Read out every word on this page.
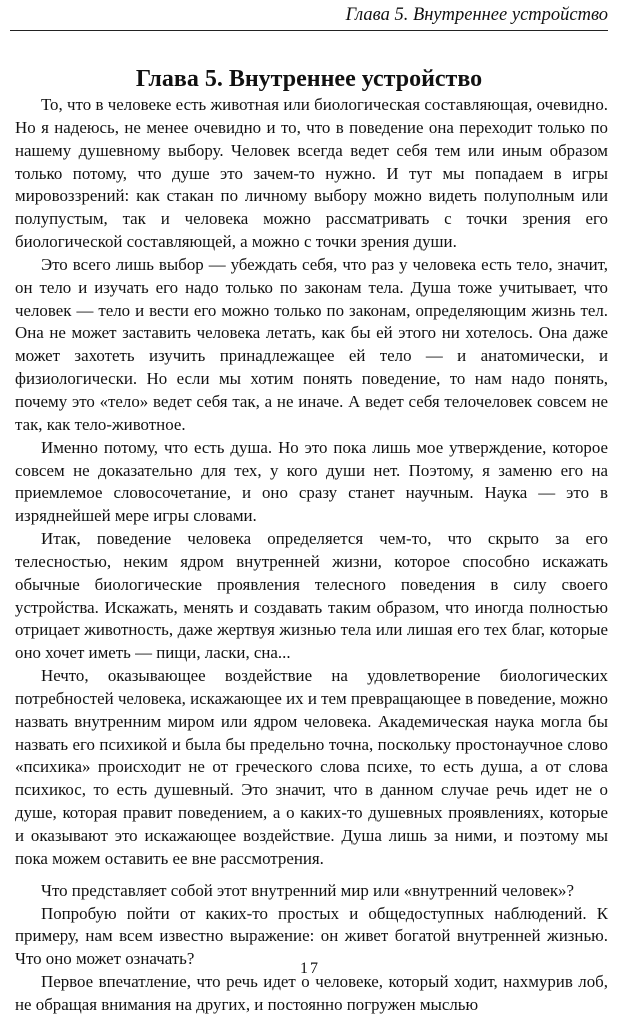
Глава 5. Внутреннее устройство
Глава 5. Внутреннее устройство

То, что в человеке есть животная или биологическая составляющая, очевидно. Но я надеюсь, не менее очевидно и то, что в поведение она переходит только по нашему душевному выбору. Человек всегда ведет себя тем или иным образом только потому, что душе это зачем-то нужно. И тут мы попадаем в игры мировоззрений: как стакан по личному выбору можно видеть полуполным или полупустым, так и человека можно рассматривать с точки зрения его биологической составляющей, а можно с точки зрения души.

Это всего лишь выбор — убеждать себя, что раз у человека есть тело, значит, он тело и изучать его надо только по законам тела. Душа тоже учитывает, что человек — тело и вести его можно только по законам, определяющим жизнь тел. Она не может заставить человека летать, как бы ей этого ни хотелось. Она даже может захотеть изучить принадлежащее ей тело — и анатомически, и физиологически. Но если мы хотим понять поведение, то нам надо понять, почему это «тело» ведет себя так, а не иначе. А ведет себя телочеловек совсем не так, как тело-животное.

Именно потому, что есть душа. Но это пока лишь мое утверждение, которое совсем не доказательно для тех, у кого души нет. Поэтому, я заменю его на приемлемое словосочетание, и оно сразу станет научным. Наука — это в изряднейшей мере игры словами.

Итак, поведение человека определяется чем-то, что скрыто за его телесностью, неким ядром внутренней жизни, которое способно искажать обычные биологические проявления телесного поведения в силу своего устройства. Искажать, менять и создавать таким образом, что иногда полностью отрицает животность, даже жертвуя жизнью тела или лишая его тех благ, которые оно хочет иметь — пищи, ласки, сна...

Нечто, оказывающее воздействие на удовлетворение биологических потребностей человека, искажающее их и тем превращающее в поведение, можно назвать внутренним миром или ядром человека. Академическая наука могла бы назвать его психикой и была бы предельно точна, поскольку простонаучное слово «психика» происходит не от греческого слова психе, то есть душа, а от слова психикос, то есть душевный. Это значит, что в данном случае речь идет не о душе, которая правит поведением, а о каких-то душевных проявлениях, которые и оказывают это искажающее воздействие. Душа лишь за ними, и поэтому мы пока можем оставить ее вне рассмотрения.

Что представляет собой этот внутренний мир или «внутренний человек»?

Попробую пойти от каких-то простых и общедоступных наблюдений. К примеру, нам всем известно выражение: он живет богатой внутренней жизнью. Что оно может означать?

Первое впечатление, что речь идет о человеке, который ходит, нахмурив лоб, не обращая внимания на других, и постоянно погружен мыслью

17
